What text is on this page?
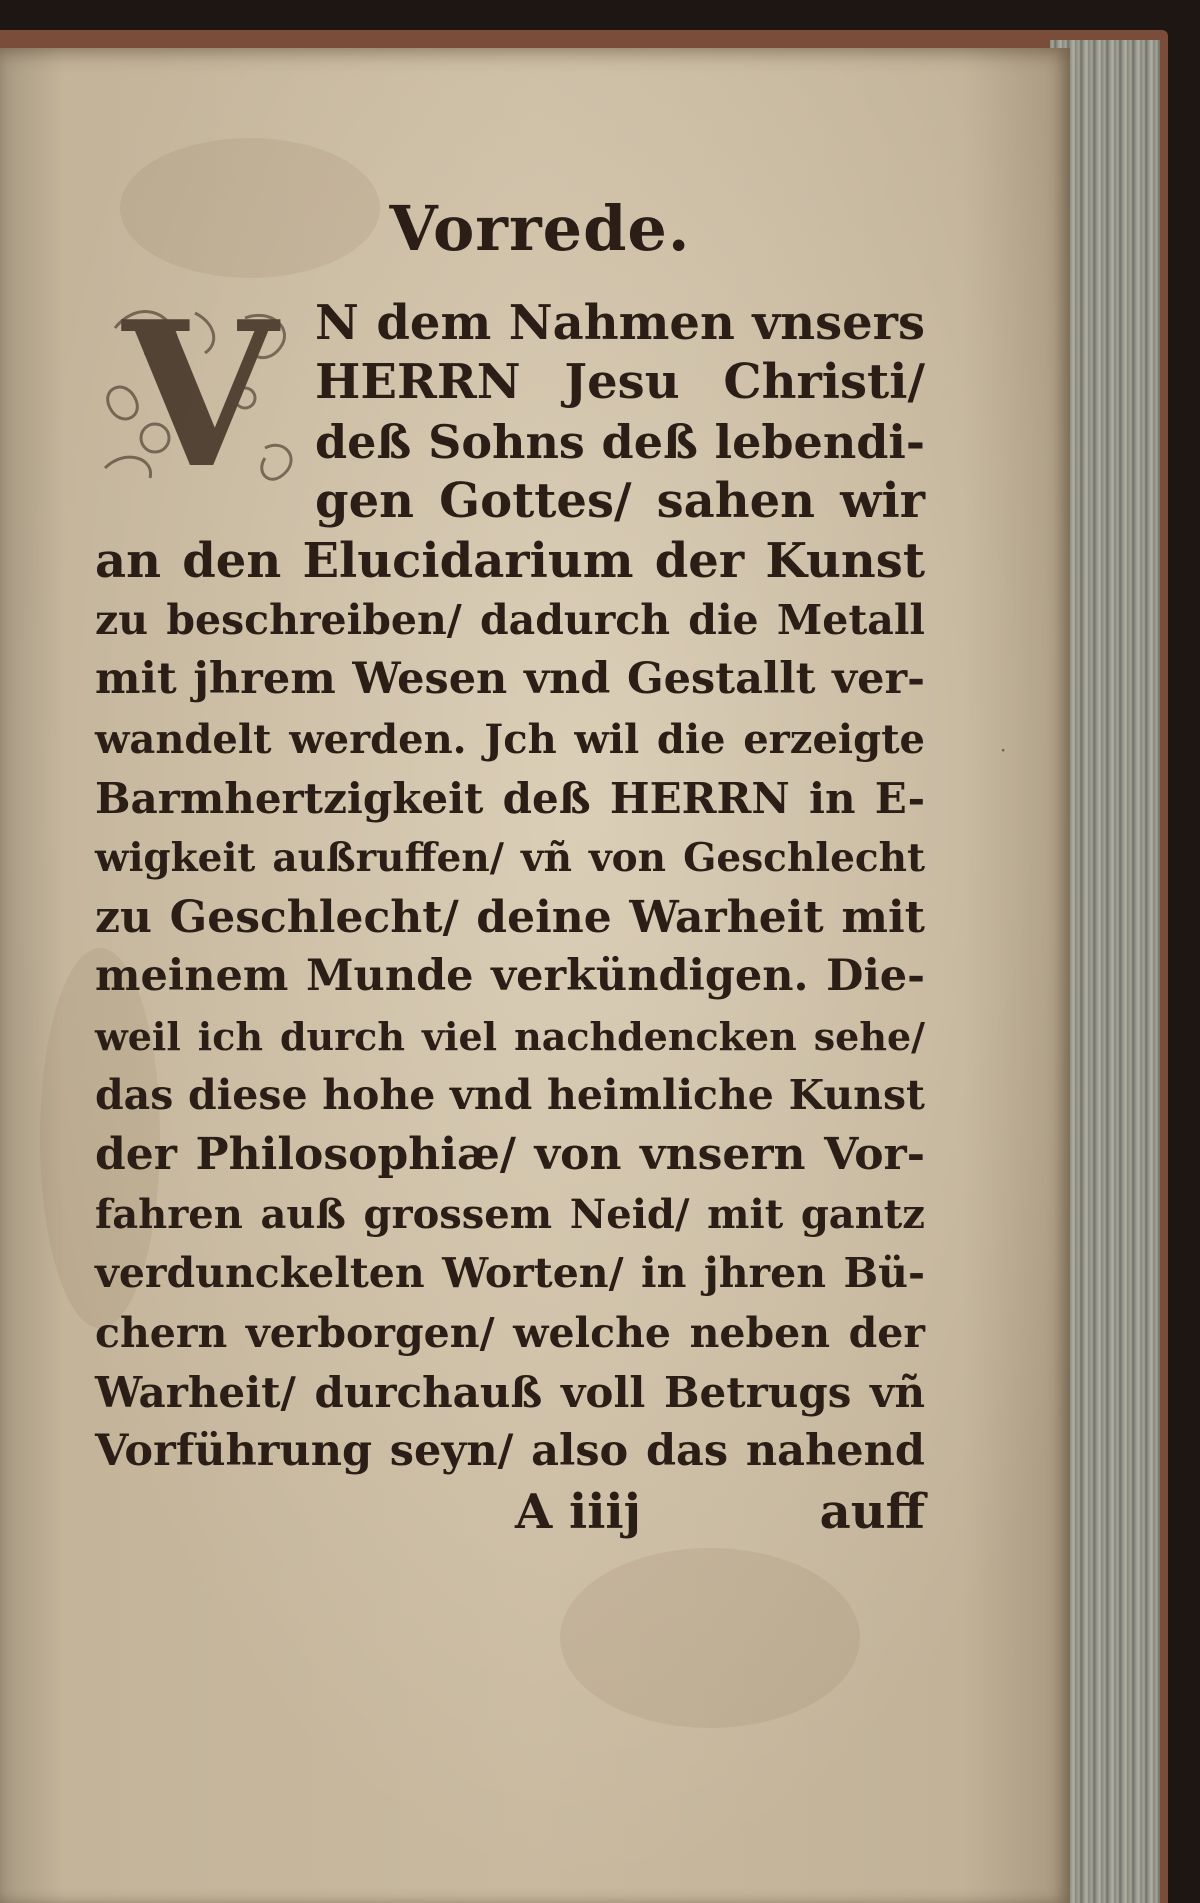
Vorrede.
V N dem Nahmen vnsers
HERRN Jesu Christi/
deß Sohns deß lebendi-
gen Gottes/ sahen wir
an den Elucidarium der Kunst
zu beschreiben/ dadurch die Metall
mit jhrem Wesen vnd Gestallt ver-
wandelt werden. Jch wil die erzeigte
Barmhertzigkeit deß HERRN in E-
wigkeit außruffen/ vñ von Geschlecht
zu Geschlecht/ deine Warheit mit
meinem Munde verkündigen. Die-
weil ich durch viel nachdencken sehe/
das diese hohe vnd heimliche Kunst
der Philosophiæ/ von vnsern Vor-
fahren auß grossem Neid/ mit gantz
verdunckelten Worten/ in jhren Bü-
chern verborgen/ welche neben der
Warheit/ durchauß voll Betrugs vñ
Vorführung seyn/ also das nahend
A iiij	auff
·
